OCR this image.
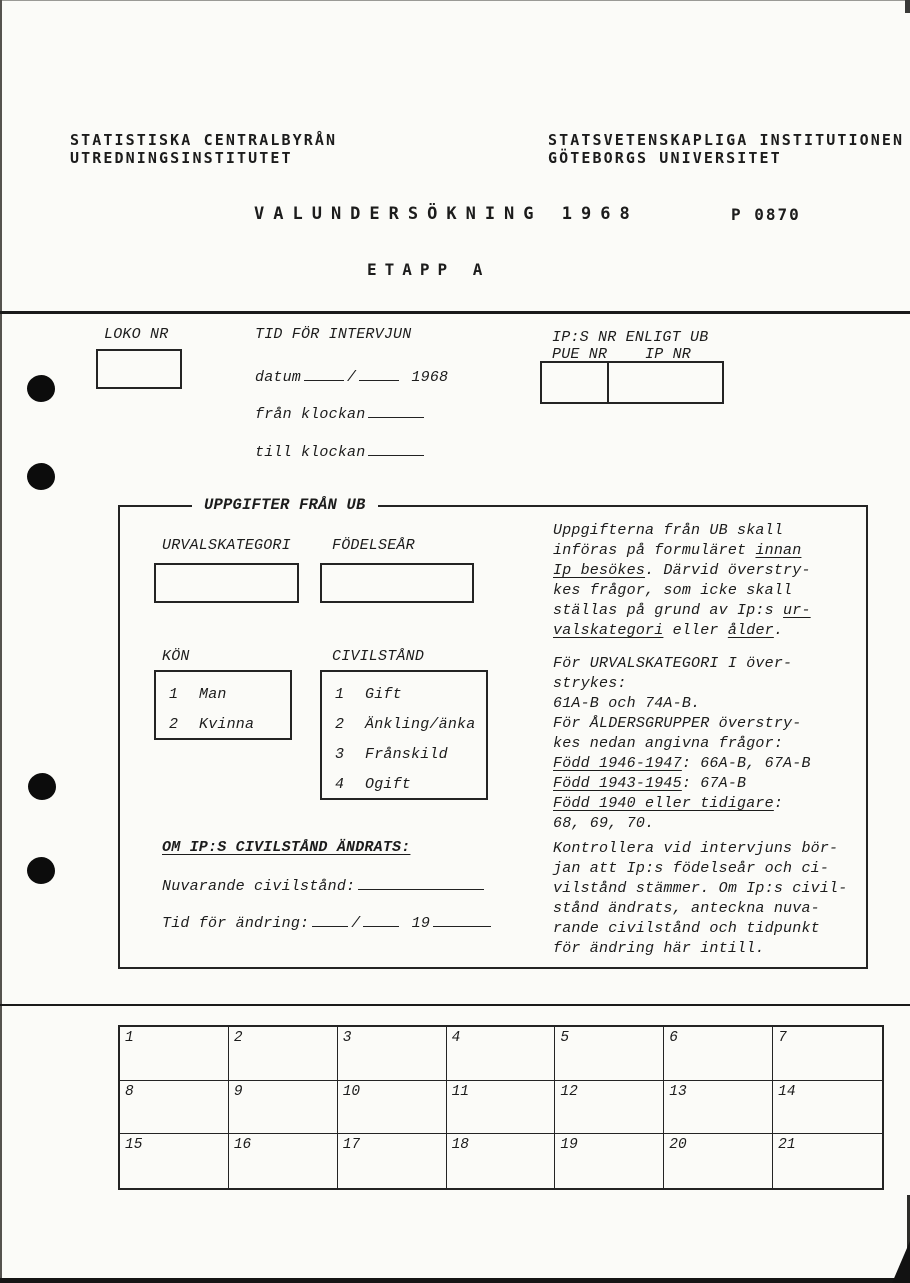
STATISTISKA CENTRALBYRÅN
UTREDNINGSINSTITUTET
STATSVETENSKAPLIGA INSTITUTIONEN
GÖTEBORGS UNIVERSITET
VALUNDERSÖKNING 1968	P 0870
ETAPP A
LOKO NR	TID FÖR INTERVJUN
datum	/	1968
från klockan
till klockan
IP:S NR ENLIGT UB
PUE NR	IP NR
UPPGIFTER FRÅN UB
URVALSKATEGORI	FÖDELSEÅR
KÖN
1	Man
2	Kvinna
CIVILSTÅND
1	Gift
2	Änkling/änka
3	Frånskild
4	Ogift
OM IP:S CIVILSTÅND ÄNDRATS:
Nuvarande civilstånd:
Tid för ändring:	/	19
Uppgifterna från UB skall
införas på formuläret innan
Ip besökes. Därvid överstry-
kes frågor, som icke skall
ställas på grund av Ip:s ur-
valskategori eller ålder.
För URVALSKATEGORI I över-
strykes:
61A-B och 74A-B.
För ÅLDERSGRUPPER överstry-
kes nedan angivna frågor:
Född 1946-1947: 66A-B, 67A-B
Född 1943-1945: 67A-B
Född 1940 eller tidigare:
68, 69, 70.
Kontrollera vid intervjuns bör-
jan att Ip:s födelseår och ci-
vilstånd stämmer. Om Ip:s civil-
stånd ändrats, anteckna nuva-
rande civilstånd och tidpunkt
för ändring här intill.
1	2	3	4	5	6	7
8	9	10	11	12	13	14
15	16	17	18	19	20	21
